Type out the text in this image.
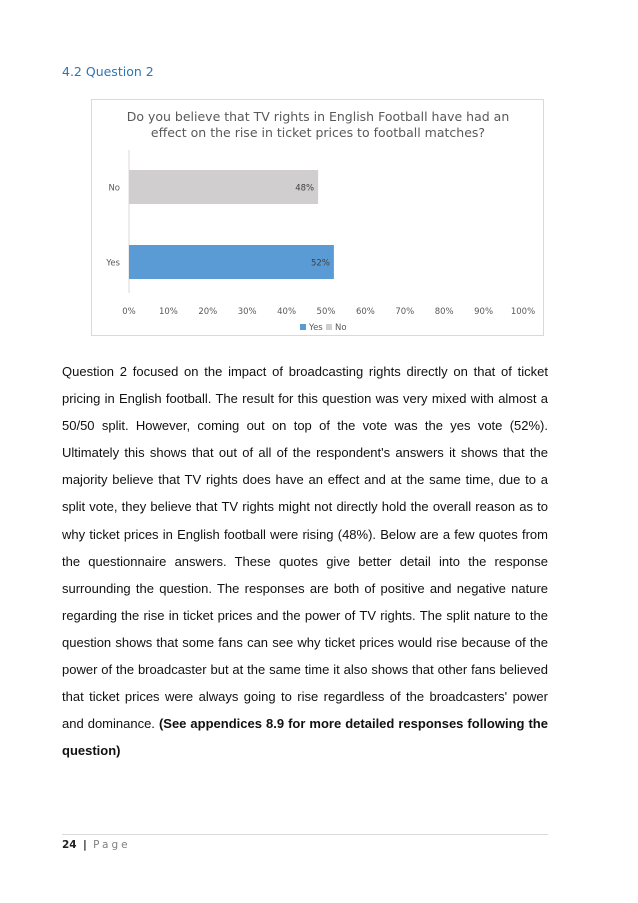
4.2 Question 2
Do you believe that TV rights in English Football have had an
effect on the rise in ticket prices to football matches?
52%
48%
Yes
No
0%	10% 20% 30% 40% 50% 60% 70% 80% 90% 100%
Yes No

Question 2 focused on the impact of broadcasting rights directly on that of ticket pricing in English football. The result for this question was very mixed with almost a 50/50 split. However, coming out on top of the vote was the yes vote (52%). Ultimately this shows that out of all of the respondent's answers it shows that the majority believe that TV rights does have an effect and at the same time, due to a split vote, they believe that TV rights might not directly hold the overall reason as to why ticket prices in English football were rising (48%). Below are a few quotes from the questionnaire answers. These quotes give better detail into the response surrounding the question. The responses are both of positive and negative nature regarding the rise in ticket prices and the power of TV rights. The split nature to the question shows that some fans can see why ticket prices would rise because of the power of the broadcaster but at the same time it also shows that other fans believed that ticket prices were always going to rise regardless of the broadcasters' power and dominance. (See appendices 8.9 for more detailed responses following the question)

24 | Page
